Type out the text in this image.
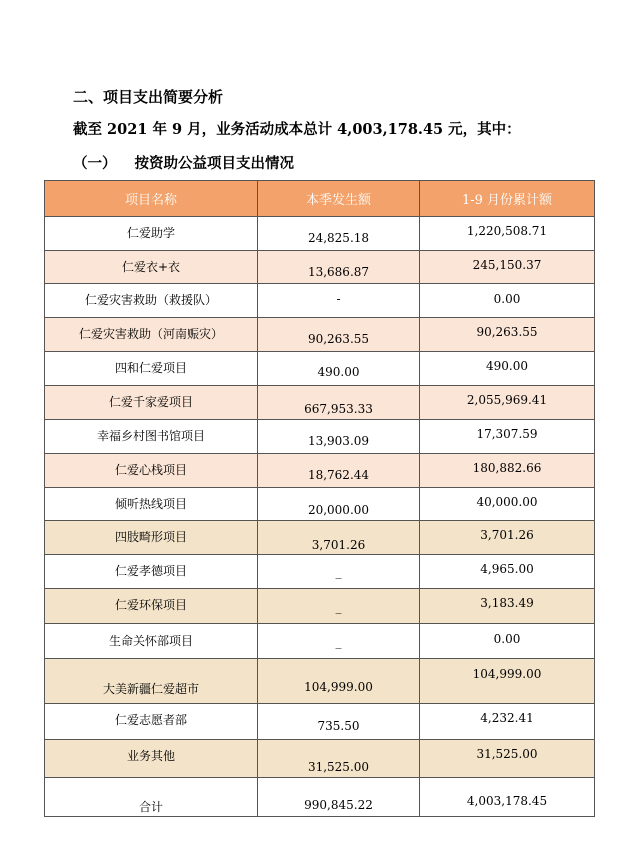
二、项目支出简要分析
截至 2021 年 9 月，业务活动成本总计 4,003,178.45 元，其中：
（一） 按资助公益项目支出情况
项目名称	本季发生额	1-9 月份累计额

仁爱助学	24,825.18	1,220,508.71

仁爱衣+衣	13,686.87	245,150.37

仁爱灾害救助（救援队）	-	0.00

仁爱灾害救助（河南赈灾）	90,263.55	90,263.55

四和仁爱项目	490.00	490.00

仁爱千家爱项目	667,953.33	2,055,969.41

幸福乡村图书馆项目	13,903.09	17,307.59

仁爱心栈项目	18,762.44	180,882.66

倾听热线项目	20,000.00	40,000.00

四肢畸形项目	3,701.26	3,701.26

仁爱孝德项目	_	4,965.00

仁爱环保项目	_	3,183.49

生命关怀部项目	_	0.00

大美新疆仁爱超市	104,999.00	104,999.00

仁爱志愿者部	735.50	4,232.41

业务其他	31,525.00	31,525.00

合计	990,845.22	4,003,178.45
